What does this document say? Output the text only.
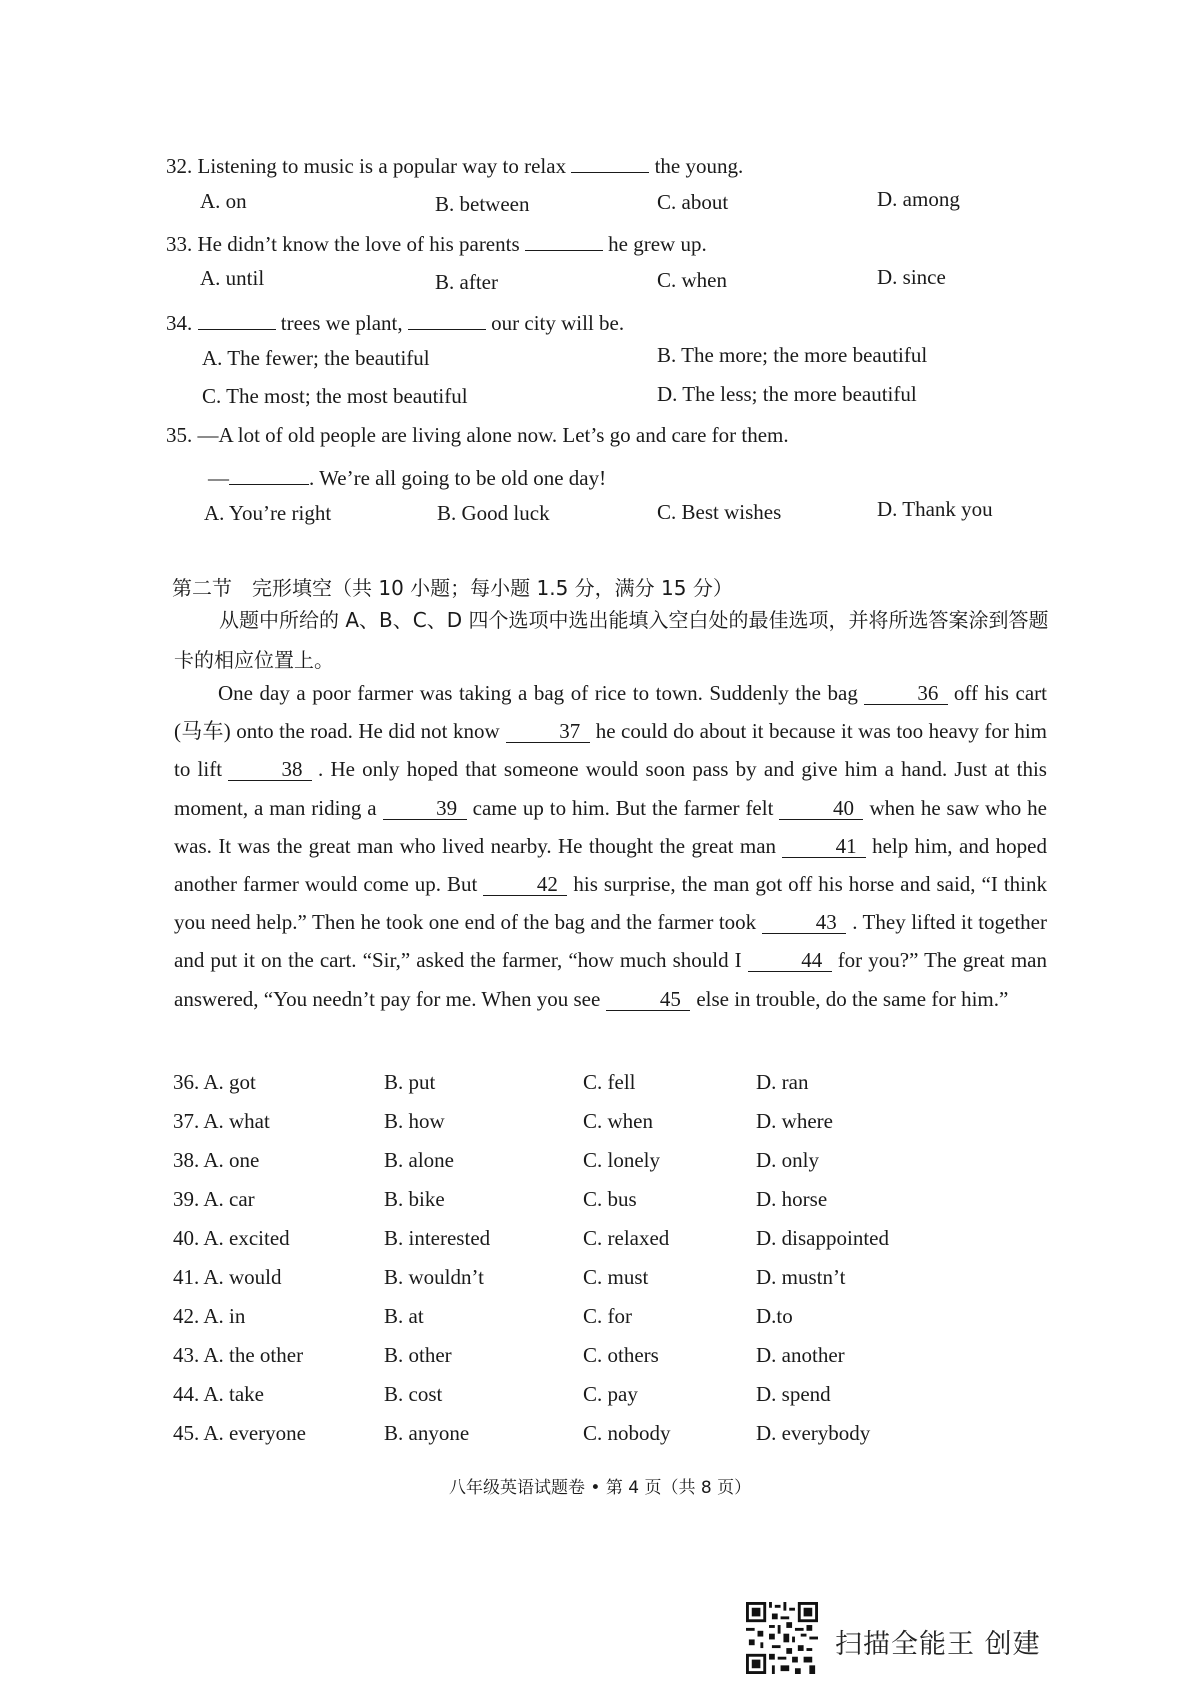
32. Listening to music is a popular way to relax	the young.
A. on	B. between	C. about	D. among
33. He didn’t know the love of his parents	he grew up.
A. until	B. after	C. when	D. since
34.	trees we plant,	our city will be.
A. The fewer; the beautiful	B. The more; the more beautiful
C. The most; the most beautiful	D. The less; the more beautiful
35. —A lot of old people are living alone now. Let’s go and care for them.
—	. We’re all going to be old one day!
A. You’re right	B. Good luck	C. Best wishes	D. Thank you
第二节　完形填空（共 10 小题；每小题 1.5 分，满分 15 分）
从题中所给的 A、B、C、D 四个选项中选出能填入空白处的最佳选项，并将所选答案涂到答题卡的相应位置上。
One day a poor farmer was taking a bag of rice to town. Suddenly the bag	36 off his cart (马车) onto the road. He did not know	37 he could do about it because it was too heavy for him to lift	38 . He only hoped that someone would soon pass by and give him a hand. Just at this moment, a man riding a	39 came up to him. But the farmer felt	40 when he saw who he was. It was the great man who lived nearby. He thought the great man	41 help him, and hoped another farmer would come up. But	42 his surprise, the man got off his horse and said, “I think you need help.” Then he took one end of the bag and the farmer took	43 . They lifted it together and put it on the cart. “Sir,” asked the farmer, “how much should I	44 for you?” The great man answered, “You needn’t pay for me. When you see	45 else in trouble, do the same for him.”
36. A. got	B. put	C. fell	D. ran
37. A. what	B. how	C. when	D. where
38. A. one	B. alone	C. lonely	D. only
39. A. car	B. bike	C. bus	D. horse
40. A. excited	B. interested	C. relaxed	D. disappointed
41. A. would	B. wouldn’t	C. must	D. mustn’t
42. A. in	B. at	C. for	D.to
43. A. the other	B. other	C. others	D. another
44. A. take	B. cost	C. pay	D. spend
45. A. everyone	B. anyone	C. nobody	D. everybody
八年级英语试题卷 • 第 4 页（共 8 页）
扫描全能王 创建
